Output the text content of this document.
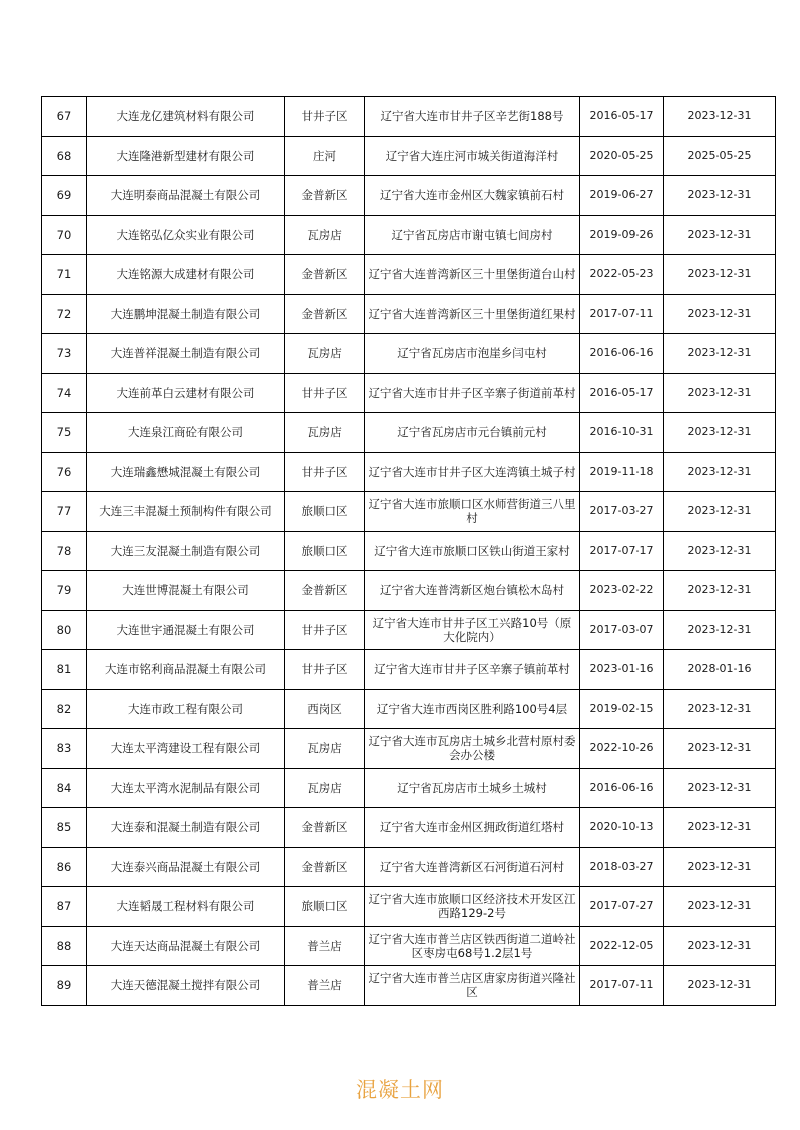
67	大连龙亿建筑材料有限公司	甘井子区	辽宁省大连市甘井子区辛艺街188号	2016-05-17	2023-12-31
68	大连隆港新型建材有限公司	庄河	辽宁省大连庄河市城关街道海洋村	2020-05-25	2025-05-25
69	大连明泰商品混凝土有限公司	金普新区	辽宁省大连市金州区大魏家镇前石村	2019-06-27	2023-12-31
70	大连铭弘亿众实业有限公司	瓦房店	辽宁省瓦房店市谢屯镇七间房村	2019-09-26	2023-12-31
71	大连铭源大成建材有限公司	金普新区	辽宁省大连普湾新区三十里堡街道台山村	2022-05-23	2023-12-31
72	大连鹏坤混凝土制造有限公司	金普新区	辽宁省大连普湾新区三十里堡街道红果村	2017-07-11	2023-12-31
73	大连普祥混凝土制造有限公司	瓦房店	辽宁省瓦房店市泡崖乡闫屯村	2016-06-16	2023-12-31
74	大连前革白云建材有限公司	甘井子区	辽宁省大连市甘井子区辛寨子街道前革村	2016-05-17	2023-12-31
75	大连泉江商砼有限公司	瓦房店	辽宁省瓦房店市元台镇前元村	2016-10-31	2023-12-31
76	大连瑞鑫懋城混凝土有限公司	甘井子区	辽宁省大连市甘井子区大连湾镇土城子村	2019-11-18	2023-12-31
77	大连三丰混凝土预制构件有限公司	旅顺口区	辽宁省大连市旅顺口区水师营街道三八里村	2017-03-27	2023-12-31
78	大连三友混凝土制造有限公司	旅顺口区	辽宁省大连市旅顺口区铁山街道王家村	2017-07-17	2023-12-31
79	大连世博混凝土有限公司	金普新区	辽宁省大连普湾新区炮台镇松木岛村	2023-02-22	2023-12-31
80	大连世宇通混凝土有限公司	甘井子区	辽宁省大连市甘井子区工兴路10号（原大化院内）	2017-03-07	2023-12-31
81	大连市铭利商品混凝土有限公司	甘井子区	辽宁省大连市甘井子区辛寨子镇前革村	2023-01-16	2028-01-16
82	大连市政工程有限公司	西岗区	辽宁省大连市西岗区胜利路100号4层	2019-02-15	2023-12-31
83	大连太平湾建设工程有限公司	瓦房店	辽宁省大连市瓦房店土城乡北营村原村委会办公楼	2022-10-26	2023-12-31
84	大连太平湾水泥制品有限公司	瓦房店	辽宁省瓦房店市土城乡土城村	2016-06-16	2023-12-31
85	大连泰和混凝土制造有限公司	金普新区	辽宁省大连市金州区拥政街道红塔村	2020-10-13	2023-12-31
86	大连泰兴商品混凝土有限公司	金普新区	辽宁省大连普湾新区石河街道石河村	2018-03-27	2023-12-31
87	大连韬晟工程材料有限公司	旅顺口区	辽宁省大连市旅顺口区经济技术开发区江西路129-2号	2017-07-27	2023-12-31
88	大连天达商品混凝土有限公司	普兰店	辽宁省大连市普兰店区铁西街道二道岭社区枣房屯68号1.2层1号	2022-12-05	2023-12-31
89	大连天德混凝土搅拌有限公司	普兰店	辽宁省大连市普兰店区唐家房街道兴隆社区	2017-07-11	2023-12-31
混凝土网
